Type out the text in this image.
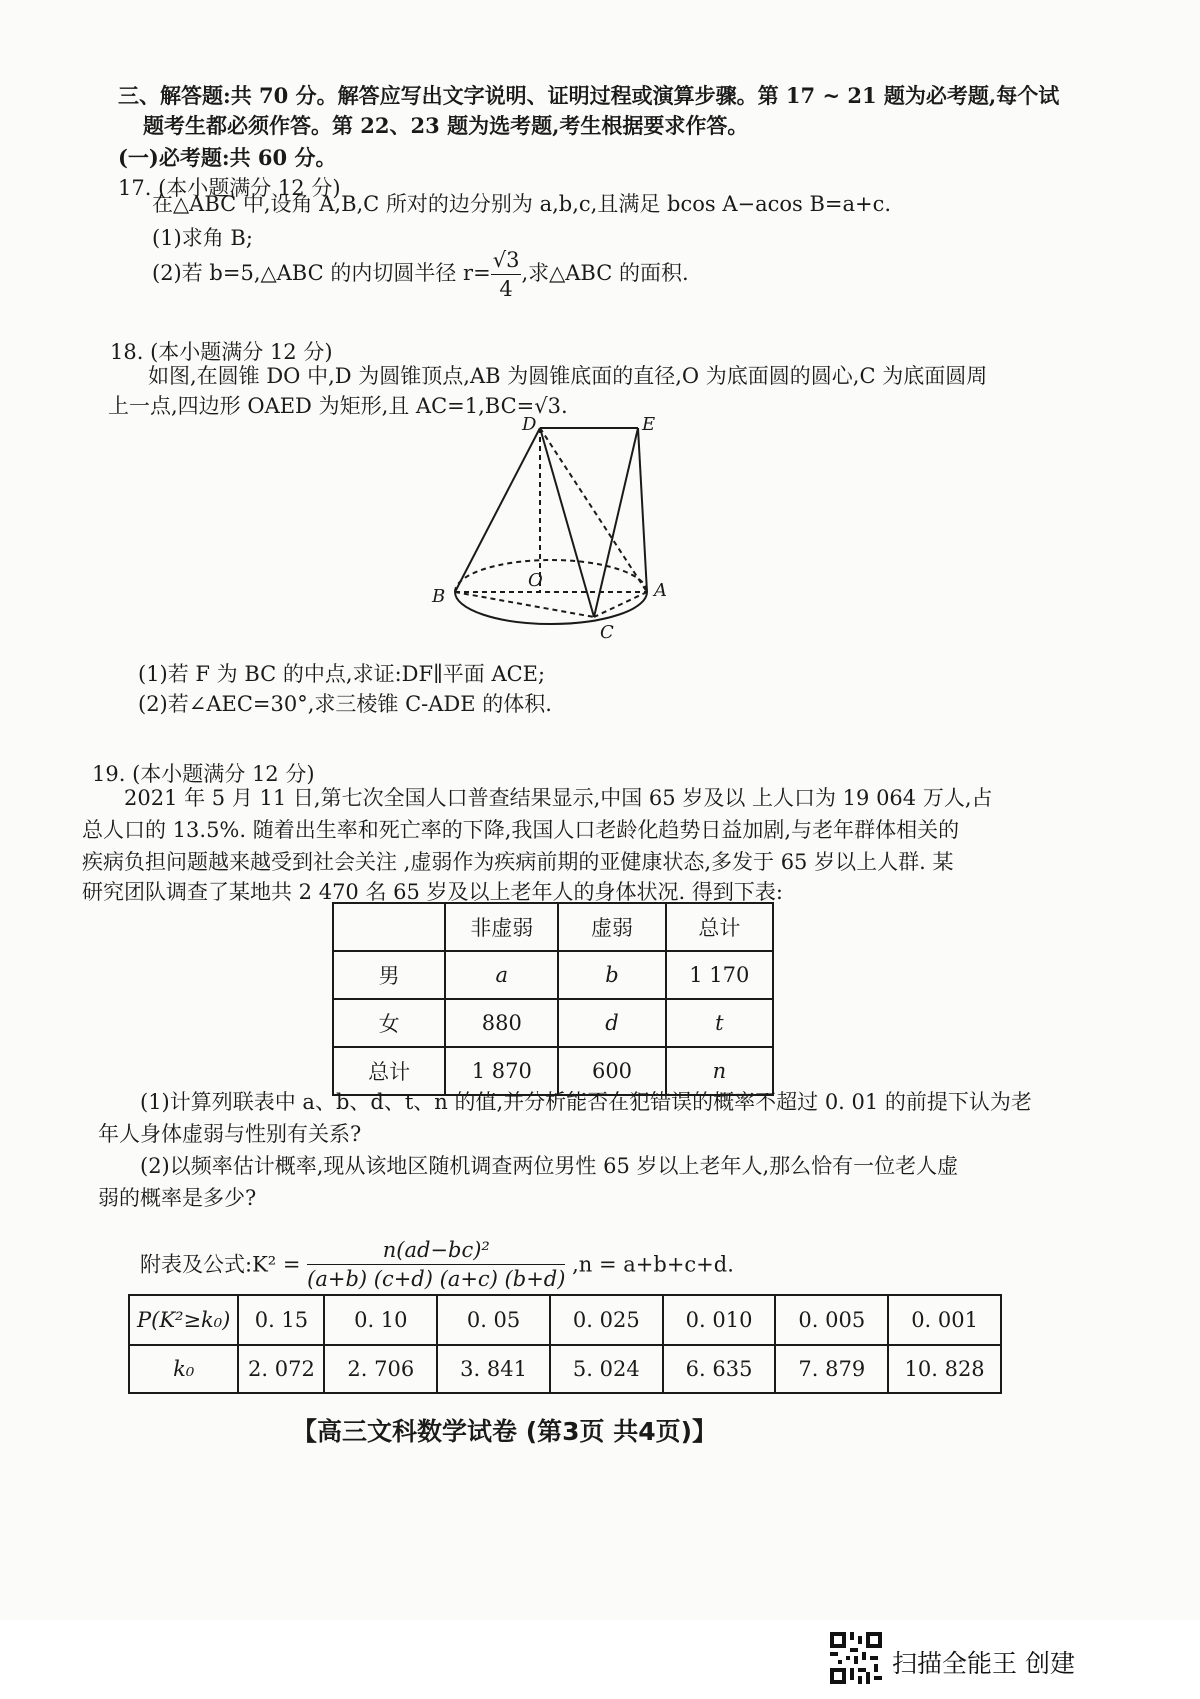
三、解答题:共 70 分。解答应写出文字说明、证明过程或演算步骤。第 17 ~ 21 题为必考题,每个试
题考生都必须作答。第 22、23 题为选考题,考生根据要求作答。
(一)必考题:共 60 分。
17. (本小题满分 12 分)
在△ABC 中,设角 A,B,C 所对的边分别为 a,b,c,且满足 bcos A−acos B=a+c.
(1)求角 B;
(2)若 b=5,△ABC 的内切圆半径 $r= \frac{√3}{4}$ ,求△ABC 的面积.
18. (本小题满分 12 分)
如图,在圆锥 DO 中,D 为圆锥顶点,AB 为圆锥底面的直径,O 为底面圆的圆心,C 为底面圆周
上一点,四边形 OAED 为矩形,且 AC=1,BC=√3.
D	E
O
B	A
C
(1)若 F 为 BC 的中点,求证:DF∥平面 ACE;
(2)若∠AEC=30°,求三棱锥 C-ADE 的体积.
19. (本小题满分 12 分)
2021 年 5 月 11 日,第七次全国人口普查结果显示,中国 65 岁及以 上人口为 19 064 万人,占
总人口的 13.5%. 随着出生率和死亡率的下降,我国人口老龄化趋势日益加剧,与老年群体相关的
疾病负担问题越来越受到社会关注 ,虚弱作为疾病前期的亚健康状态,多发于 65 岁以上人群. 某
研究团队调查了某地共 2 470 名 65 岁及以上老年人的身体状况. 得到下表:
	非虚弱	虚弱	总计
男	a	b	1 170
女	880	d	t
总计	1 870	600	n
(1)计算列联表中 a、b、d、t、n 的值,并分析能否在犯错误的概率不超过 0. 01 的前提下认为老
年人身体虚弱与性别有关系?
(2)以频率估计概率,现从该地区随机调查两位男性 65 岁以上老年人,那么恰有一位老人虚
弱的概率是多少?
附表及公式:K² = $\frac{\text{n(ad−bc)²}}{(a+b) (c+d) (a+c) (b+d)} ,n = a+b+c+d$.
P(K²≥k₀)	0. 15	0. 10	0. 05	0. 025	0. 010	0. 005	0. 001
k₀	2. 072	2. 706	3. 841	5. 024	6. 635	7. 879	10. 828
【高三文科数学试卷 (第3页 共4页)】
扫描全能王 创建
